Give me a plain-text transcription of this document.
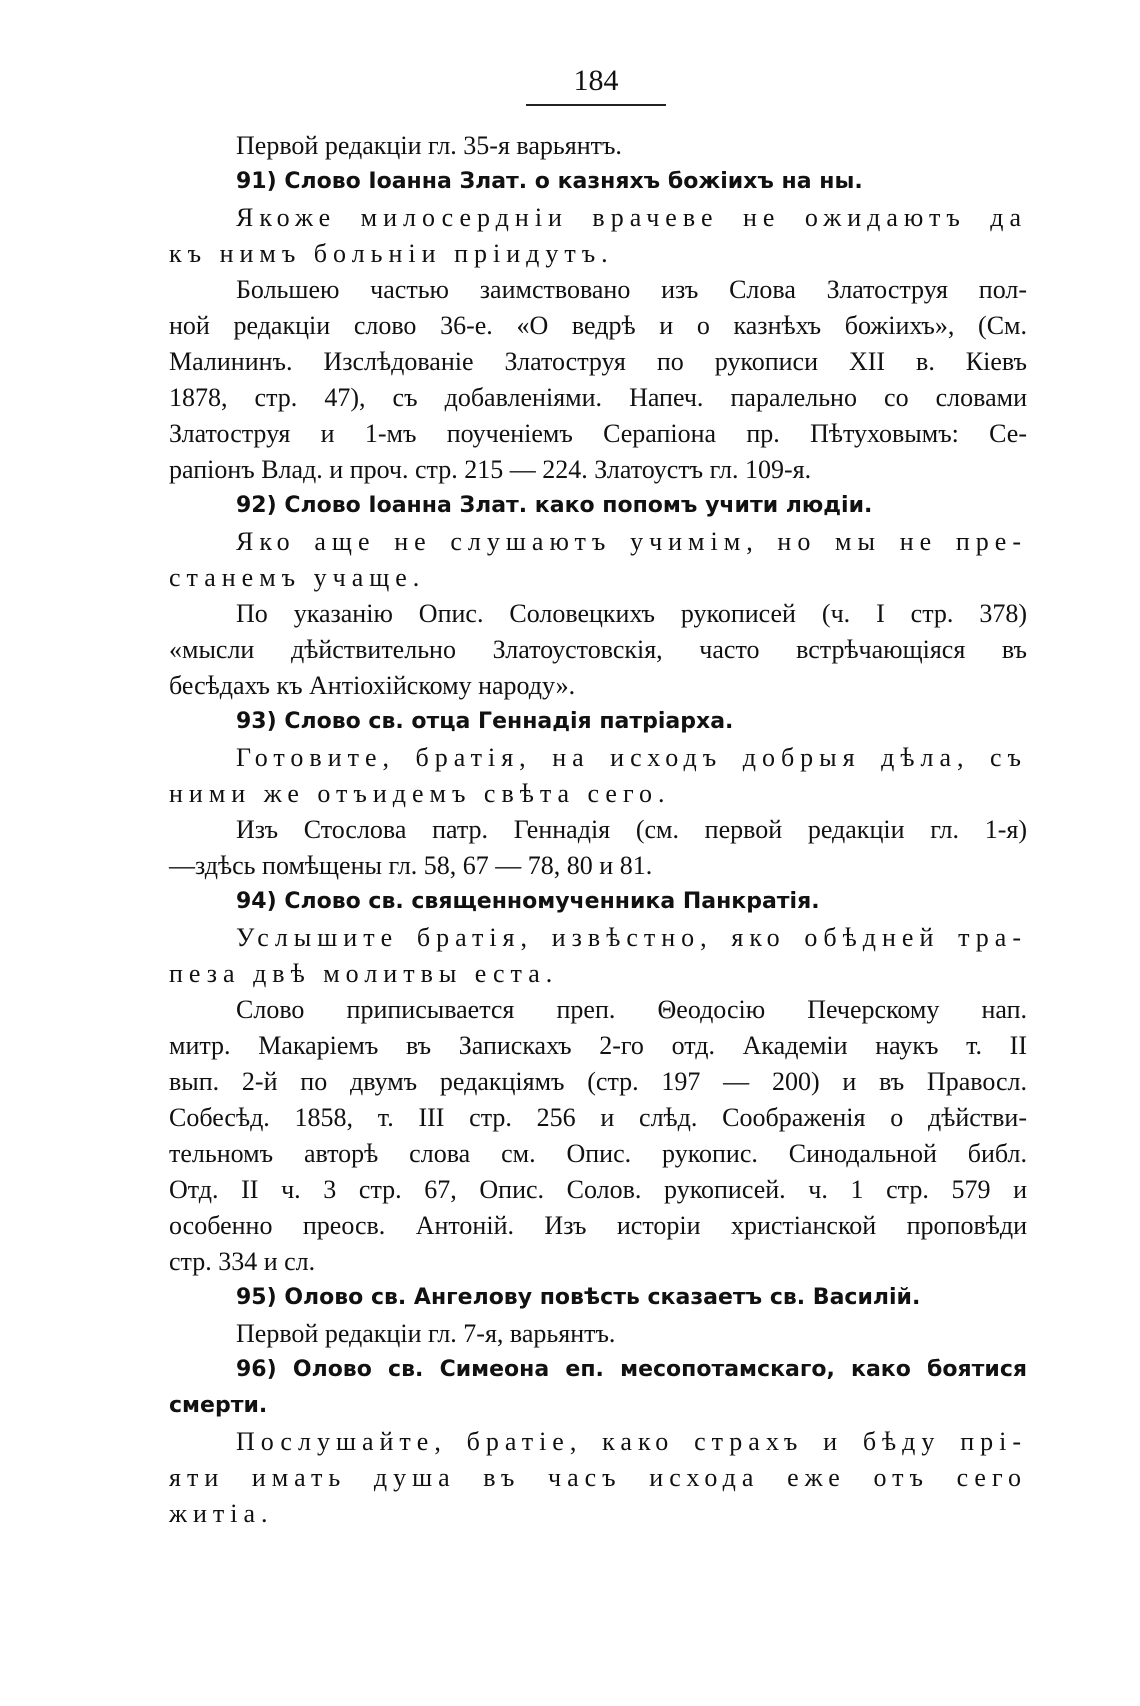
184
Первой редакціи гл. 35-я варьянтъ.
91) Слово Іоанна Злат. о казняхъ божіихъ на ны.
Якоже милосердніи врачеве не ожидаютъ да
къ нимъ больніи пріидутъ.
Большею частью заимствовано изъ Слова Златоструя пол-
ной редакціи слово 36-е. «О ведрѣ и о казнѣхъ божіихъ», (См.
Малининъ. Изслѣдованіе Златоструя по рукописи XII в. Кіевъ
1878, стр. 47), съ добавленіями. Напеч. паралельно со словами
Златоструя и 1-мъ поученіемъ Серапіона пр. Пѣтуховымъ: Се-
рапіонъ Влад. и проч. стр. 215 — 224. Златоустъ гл. 109-я.
92) Слово Іоанна Злат. како попомъ учити людіи.
Яко аще не слушаютъ учимім, но мы не пре-
станемъ учаще.
По указанію Опис. Соловецкихъ рукописей (ч. I стр. 378)
«мысли дѣйствительно Златоустовскія, часто встрѣчающіяся въ
бесѣдахъ къ Антіохійскому народу».
93) Слово св. отца Геннадія патріарха.
Готовите, братія, на исходъ добрыя дѣла, съ
ними же отъидемъ свѣта сего.
Изъ Стослова патр. Геннадія (см. первой редакціи гл. 1-я)
—здѣсь помѣщены гл. 58, 67 — 78, 80 и 81.
94) Слово св. священномученника Панкратія.
Услышите братія, извѣстно, яко обѣдней тра-
пеза двѣ молитвы еста.
Слово приписывается преп. Θеодосію Печерскому нап.
митр. Макаріемъ въ Запискахъ 2-го отд. Академіи наукъ т. II
вып. 2-й по двумъ редакціямъ (стр. 197 — 200) и въ Правосл.
Собесѣд. 1858, т. III стр. 256 и слѣд. Соображенія о дѣйстви-
тельномъ авторѣ слова см. Опис. рукопис. Синодальной библ.
Отд. II ч. 3 стр. 67, Опис. Солов. рукописей. ч. 1 стр. 579 и
особенно преосв. Антоній. Изъ исторіи христіанской проповѣди
стр. 334 и сл.
95) Олово св. Ангелову повѣсть сказаетъ св. Василій.
Первой редакціи гл. 7-я, варьянтъ.
96) Олово св. Симеона еп. месопотамскаго, како боятися
смерти.
Послушайте, братіе, како страхъ и бѣду прі-
яти имать душа въ часъ исхода еже отъ сего
житіа.
